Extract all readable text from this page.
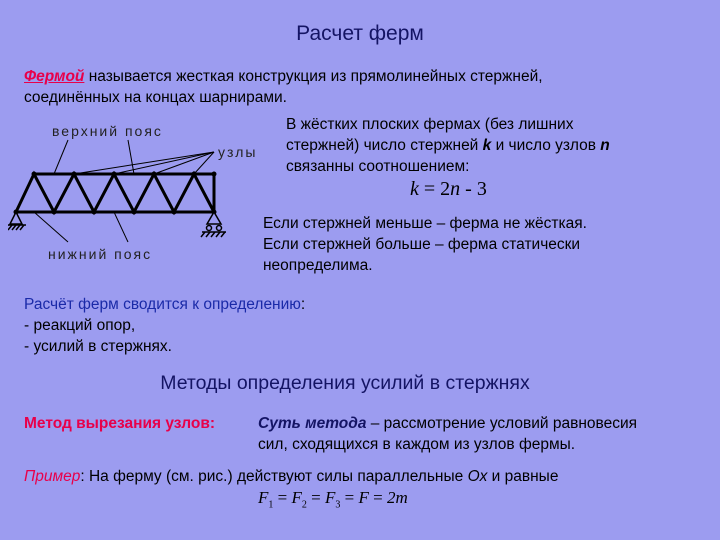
Расчет ферм
Фермой называется жесткая конструкция из прямолинейных стержней,
соединённых на концах шарнирами.
верхний пояс
узлы
нижний пояс
В жёстких плоских фермах (без лишних
стержней) число стержней k и число узлов n
связанны соотношением:
k = 2n - 3
Если стержней меньше – ферма не жёсткая.
Если стержней больше – ферма статически
неопределима.
Расчёт ферм сводится к определению:
- реакций опор,
- усилий в стержнях.
Методы определения усилий в стержнях
Метод вырезания узлов:	Суть метода – рассмотрение условий равновесия
сил, сходящихся в каждом из узлов фермы.
Пример: На ферму (см. рис.) действуют силы параллельные Ox и равные
$F_1 = F_2 = F_3 = F = 2m$
